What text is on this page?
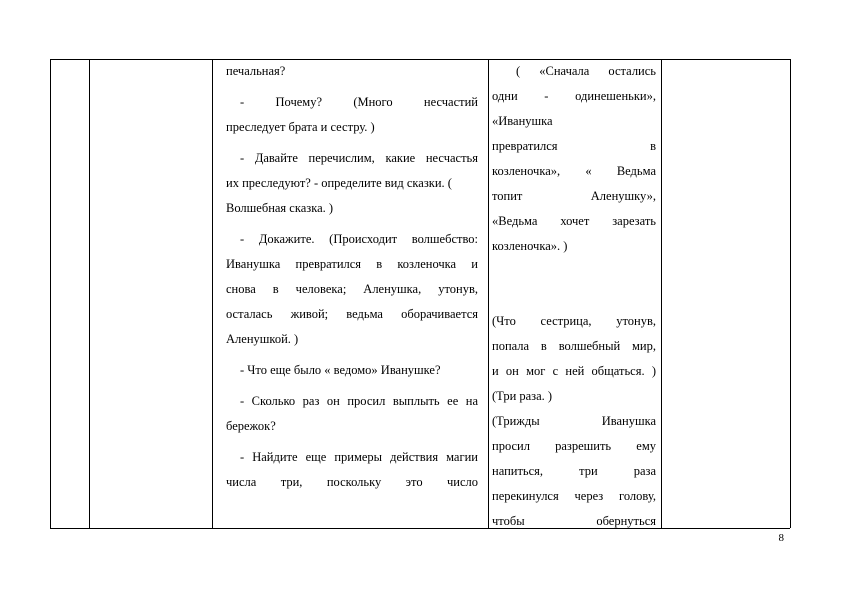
печальная?

- Почему? (Много несчастий

преследует брата и сестру. )

- Давайте перечислим, какие несчастья

их преследуют? - определите вид сказки. (
Волшебная сказка. )

- Докажите. (Происходит волшебство:

Иванушка превратился в козленочка и
снова в человека; Аленушка, утонув,
осталась живой; ведьма оборачивается
Аленушкой. )

- Что еще было « ведомо» Иванушке?

- Сколько раз он просил выплыть ее на

бережок?

- Найдите еще примеры действия магии

числа три, поскольку это число

( «Сначала остались
одни - одинешеньки»,
«Иванушка
превратился в
козленочка», « Ведьма
топит Аленушку»,
«Ведьма хочет зарезать
козленочка». )

(Что сестрица, утонув,
попала в волшебный мир,
и он мог с ней общаться. )
(Три раза. )
(Трижды Иванушка
просил разрешить ему
напиться, три раза
перекинулся через голову,
чтобы обернуться

8
